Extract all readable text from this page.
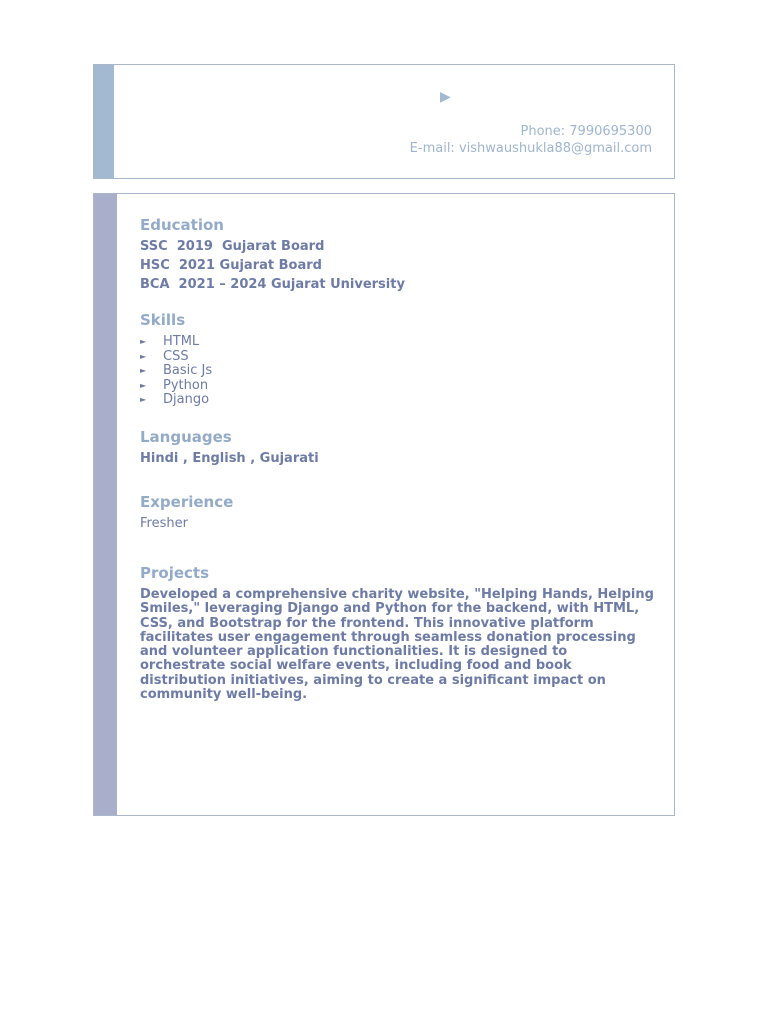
▶
Phone: 7990695300
E-mail: vishwaushukla88@gmail.com
Education
SSC  2019  Gujarat Board
HSC  2021 Gujarat Board
BCA  2021 – 2024 Gujarat University
Skills
►	HTML
►	CSS
►	Basic Js
►	Python
►	Django
Languages
Hindi , English , Gujarati
Experience
Fresher
Projects

Developed a comprehensive charity website, "Helping Hands, Helping Smiles," leveraging Django and Python for the backend, with HTML, CSS, and Bootstrap for the frontend. This innovative platform facilitates user engagement through seamless donation processing and volunteer application functionalities. It is designed to orchestrate social welfare events, including food and book distribution initiatives, aiming to create a significant impact on community well-being.
